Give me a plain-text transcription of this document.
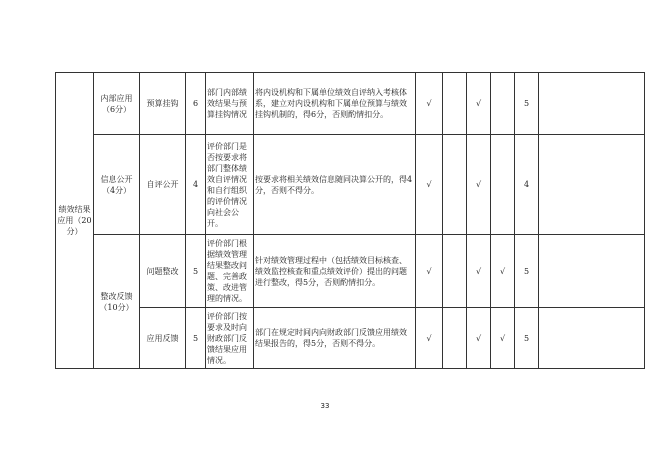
绩效结果应用（20分）	内部应用（6分）	预算挂钩	6	部门内部绩效结果与预算挂钩情况	将内设机构和下属单位绩效自评纳入考核体系，建立对内设机构和下属单位预算与绩效挂钩机制的，得6分，否则酌情扣分。	√		√		5	
	信息公开（4分）	自评公开	4	评价部门是否按要求将部门整体绩效自评情况和自行组织的评价情况向社会公开。	按要求将相关绩效信息随同决算公开的，得4分，否则不得分。	√		√		4	
	整改反馈（10分）	问题整改	5	评价部门根据绩效管理结果整改问题、完善政策、改进管理的情况。	针对绩效管理过程中（包括绩效目标核查、绩效监控核查和重点绩效评价）提出的问题进行整改，得5分，否则酌情扣分。	√		√	√	5	
		应用反馈	5	评价部门按要求及时向财政部门反馈结果应用情况。	部门在规定时间内向财政部门反馈应用绩效结果报告的，得5分，否则不得分。	√		√	√	5	
33
